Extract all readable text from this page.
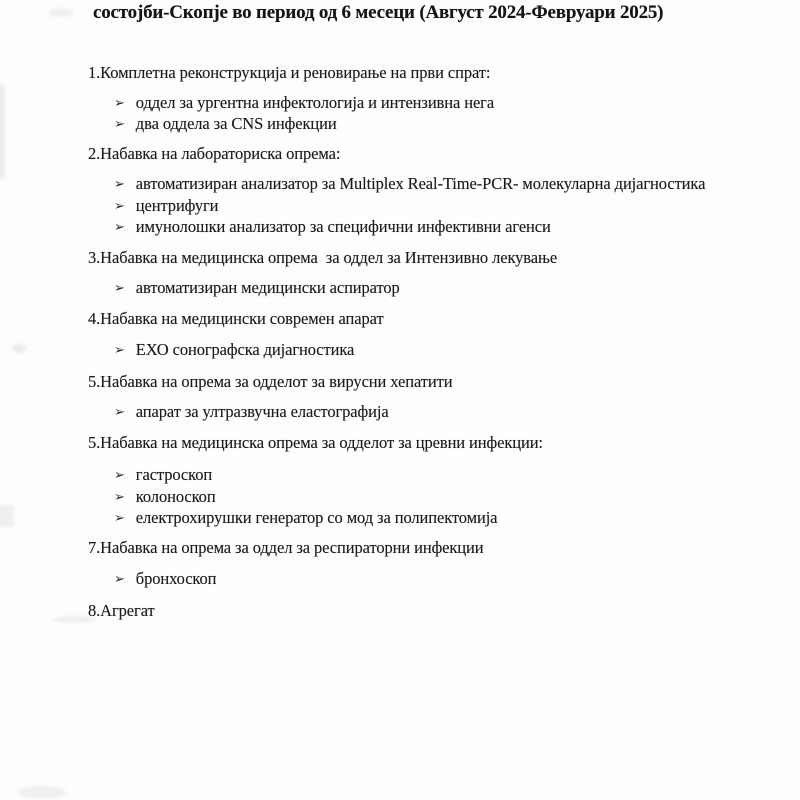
состојби-Скопје во период од 6 месеци (Август 2024-Февруари 2025)
1.Комплетна реконструкција и реновирање на први спрат:
➢ оддел за ургентна инфектологија и интензивна нега
➢ два оддела за CNS инфекции
2.Набавка на лабораториска опрема:
➢ автоматизиран анализатор за Multiplex Real-Time-PCR- молекуларна дијагностика
➢ центрифуги
➢ имунолошки анализатор за специфични инфективни агенси
3.Набавка на медицинска опрема  за оддел за Интензивно лекување
➢ автоматизиран медицински аспиратор
4.Набавка на медицински современ апарат
➢ ЕХО сонографска дијагностика
5.Набавка на опрема за одделот за вирусни хепатити
➢ апарат за ултразвучна еластографија
5.Набавка на медицинска опрема за одделот за цревни инфекции:
➢ гастроскоп
➢ колоноскоп
➢ електрохирушки генератор со мод за полипектомија
7.Набавка на опрема за оддел за респираторни инфекции
➢ бронхоскоп
8.Агрегат
